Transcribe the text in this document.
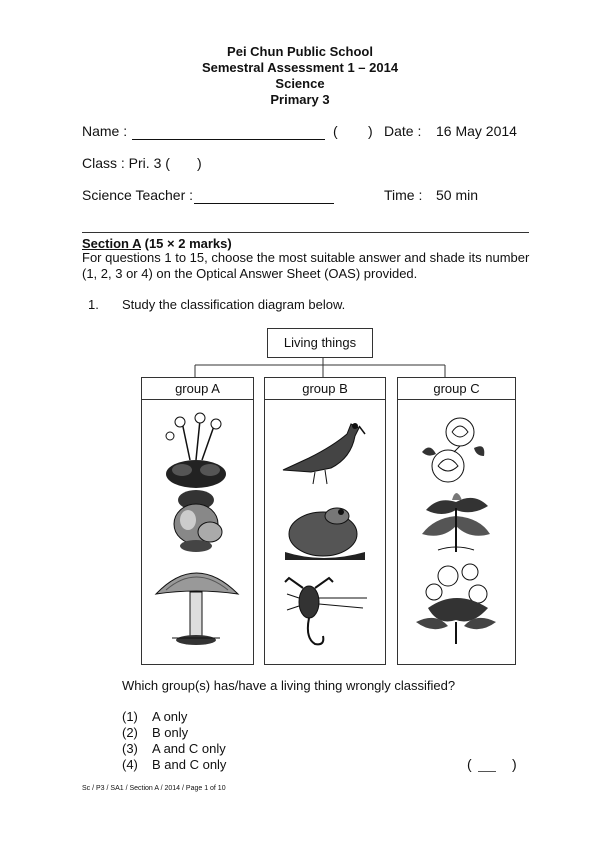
Pei Chun Public School
Semestral Assessment 1 – 2014
Science
Primary 3
Name :	( ) Date : 16 May 2014
Class : Pri. 3 ( )
Science Teacher :	Time : 50 min
Section A (15 × 2 marks)
For questions 1 to 15, choose the most suitable answer and shade its number (1, 2, 3 or 4) on the Optical Answer Sheet (OAS) provided.
1. Study the classification diagram below.
Living things
group A	group B	group C
Which group(s) has/have a living thing wrongly classified?
(1) A only
(2) B only
(3) A and C only
(4) B and C only	(	)
Sc / P3 / SA1 / Section A / 2014 / Page 1 of 10
